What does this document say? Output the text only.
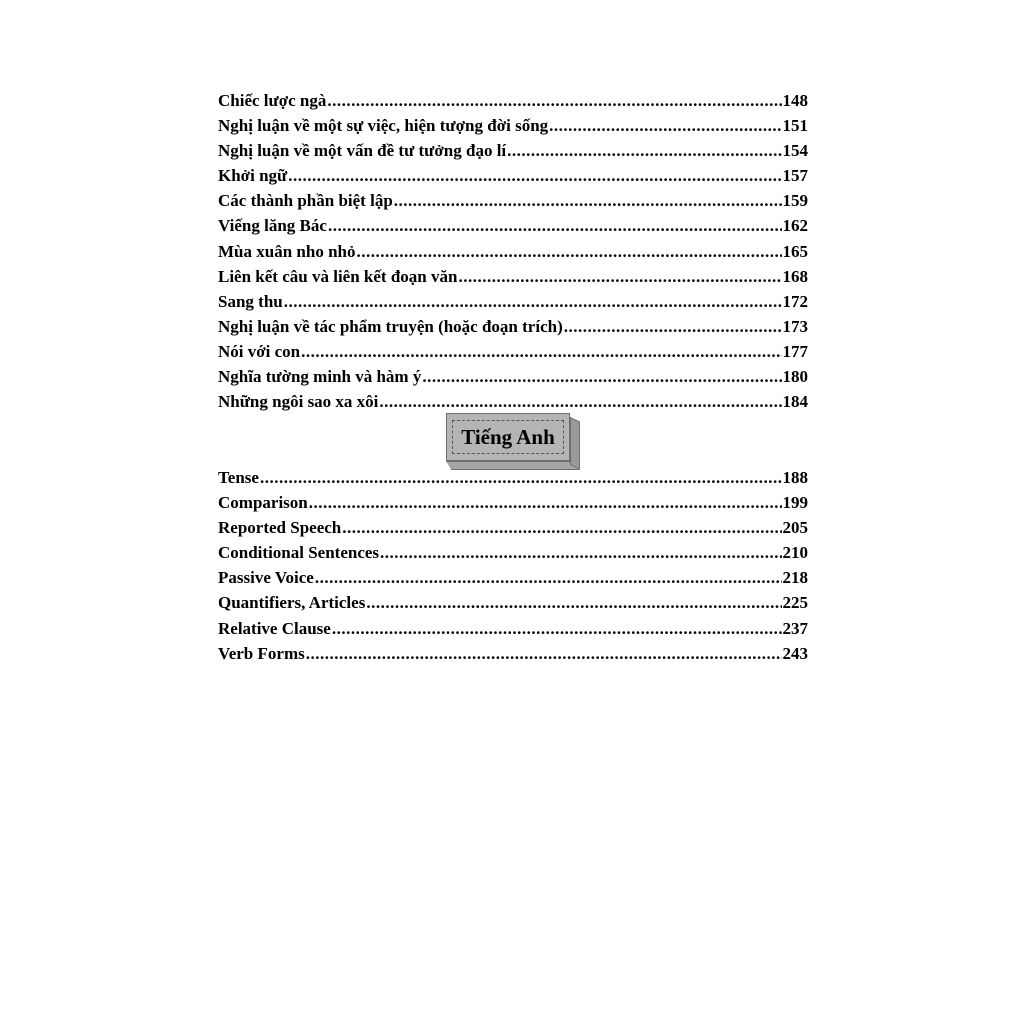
Chiếc lược ngà .....	148
Nghị luận về một sự việc, hiện tượng đời sống .....	151
Nghị luận về một vấn đề tư tưởng đạo lí .....	154
Khởi ngữ .....	157
Các thành phần biệt lập .....	159
Viếng lăng Bác .....	162
Mùa xuân nho nhỏ .....	165
Liên kết câu và liên kết đoạn văn .....	168
Sang thu .....	172
Nghị luận về tác phẩm truyện (hoặc đoạn trích) .....	173
Nói với con .....	177
Nghĩa tường minh và hàm ý .....	180
Những ngôi sao xa xôi .....	184
Tiếng Anh
Tense .....	188
Comparison .....	199
Reported Speech .....	205
Conditional Sentences .....	210
Passive Voice .....	218
Quantifiers, Articles .....	225
Relative Clause .....	237
Verb Forms .....	243
